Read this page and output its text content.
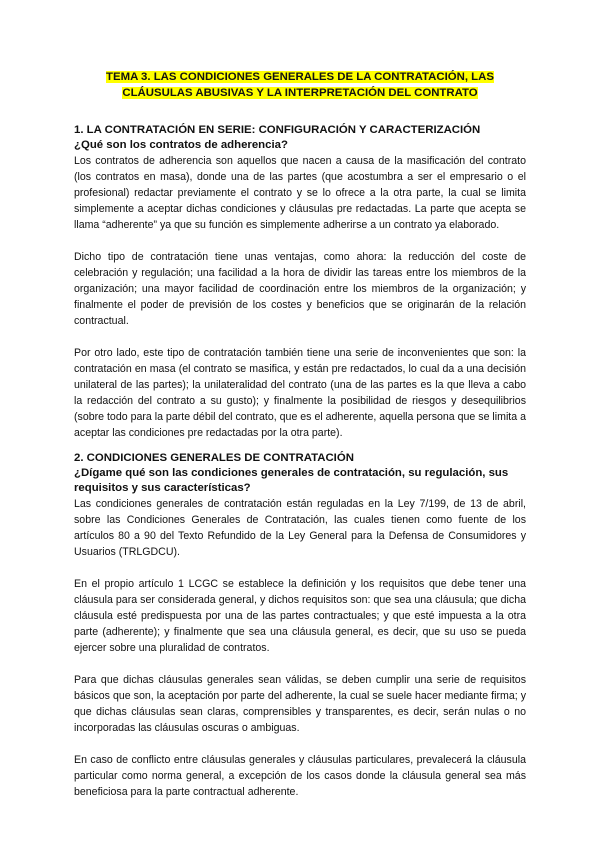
TEMA 3. LAS CONDICIONES GENERALES DE LA CONTRATACIÓN, LAS CLÁUSULAS ABUSIVAS Y LA INTERPRETACIÓN DEL CONTRATO
1. LA CONTRATACIÓN EN SERIE: CONFIGURACIÓN Y CARACTERIZACIÓN

¿Qué son los contratos de adherencia?

Los contratos de adherencia son aquellos que nacen a causa de la masificación del contrato (los contratos en masa), donde una de las partes (que acostumbra a ser el empresario o el profesional) redactar previamente el contrato y se lo ofrece a la otra parte, la cual se limita simplemente a aceptar dichas condiciones y cláusulas pre redactadas. La parte que acepta se llama “adherente” ya que su función es simplemente adherirse a un contrato ya elaborado.

Dicho tipo de contratación tiene unas ventajas, como ahora: la reducción del coste de celebración y regulación; una facilidad a la hora de dividir las tareas entre los miembros de la organización; una mayor facilidad de coordinación entre los miembros de la organización; y finalmente el poder de previsión de los costes y beneficios que se originarán de la relación contractual.

Por otro lado, este tipo de contratación también tiene una serie de inconvenientes que son: la contratación en masa (el contrato se masifica, y están pre redactados, lo cual da a una decisión unilateral de las partes); la unilateralidad del contrato (una de las partes es la que lleva a cabo la redacción del contrato a su gusto); y finalmente la posibilidad de riesgos y desequilibrios (sobre todo para la parte débil del contrato, que es el adherente, aquella persona que se limita a aceptar las condiciones pre redactadas por la otra parte).

2. CONDICIONES GENERALES DE CONTRATACIÓN

¿Dígame qué son las condiciones generales de contratación, su regulación, sus requisitos y sus características?

Las condiciones generales de contratación están reguladas en la Ley 7/199, de 13 de abril, sobre las Condiciones Generales de Contratación, las cuales tienen como fuente de los artículos 80 a 90 del Texto Refundido de la Ley General para la Defensa de Consumidores y Usuarios (TRLGDCU).

En el propio artículo 1 LCGC se establece la definición y los requisitos que debe tener una cláusula para ser considerada general, y dichos requisitos son: que sea una cláusula; que dicha cláusula esté predispuesta por una de las partes contractuales; y que esté impuesta a la otra parte (adherente); y finalmente que sea una cláusula general, es decir, que su uso se pueda ejercer sobre una pluralidad de contratos.

Para que dichas cláusulas generales sean válidas, se deben cumplir una serie de requisitos básicos que son, la aceptación por parte del adherente, la cual se suele hacer mediante firma; y que dichas cláusulas sean claras, comprensibles y transparentes, es decir, serán nulas o no incorporadas las cláusulas oscuras o ambiguas.

En caso de conflicto entre cláusulas generales y cláusulas particulares, prevalecerá la cláusula particular como norma general, a excepción de los casos donde la cláusula general sea más beneficiosa para la parte contractual adherente.
